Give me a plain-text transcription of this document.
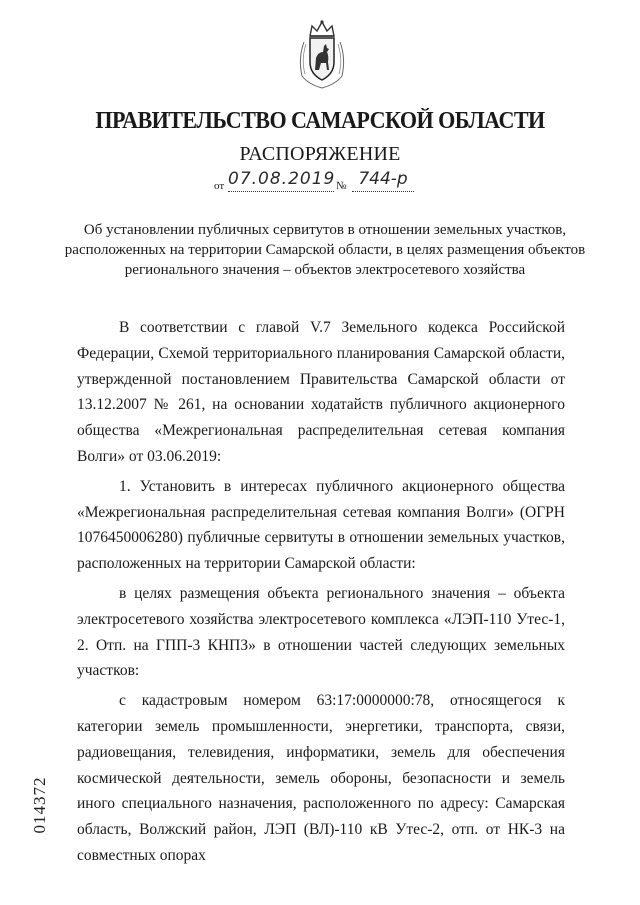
ПРАВИТЕЛЬСТВО САМАРСКОЙ ОБЛАСТИ
РАСПОРЯЖЕНИЕ
от 07.08.2019 № 744-р
Об установлении публичных сервитутов в отношении земельных участков, расположенных на территории Самарской области, в целях размещения объектов регионального значения – объектов электросетевого хозяйства

В соответствии с главой V.7 Земельного кодекса Российской Федерации, Схемой территориального планирования Самарской области, утвержденной постановлением Правительства Самарской области от 13.12.2007 № 261, на основании ходатайств публичного акционерного общества «Межрегиональная распределительная сетевая компания Волги» от 03.06.2019:

1. Установить в интересах публичного акционерного общества «Межрегиональная распределительная сетевая компания Волги» (ОГРН 1076450006280) публичные сервитуты в отношении земельных участков, расположенных на территории Самарской области:

в целях размещения объекта регионального значения – объекта электросетевого хозяйства электросетевого комплекса «ЛЭП-110 Утес-1, 2. Отп. на ГПП-3 КНПЗ» в отношении частей следующих земельных участков:

с кадастровым номером 63:17:0000000:78, относящегося к категории земель промышленности, энергетики, транспорта, связи, радиовещания, телевидения, информатики, земель для обеспечения космической деятельности, земель обороны, безопасности и земель иного специального назначения, расположенного по адресу: Самарская область, Волжский район, ЛЭП (ВЛ)-110 кВ Утес-2, отп. от НК-3 на совместных опорах

014372
